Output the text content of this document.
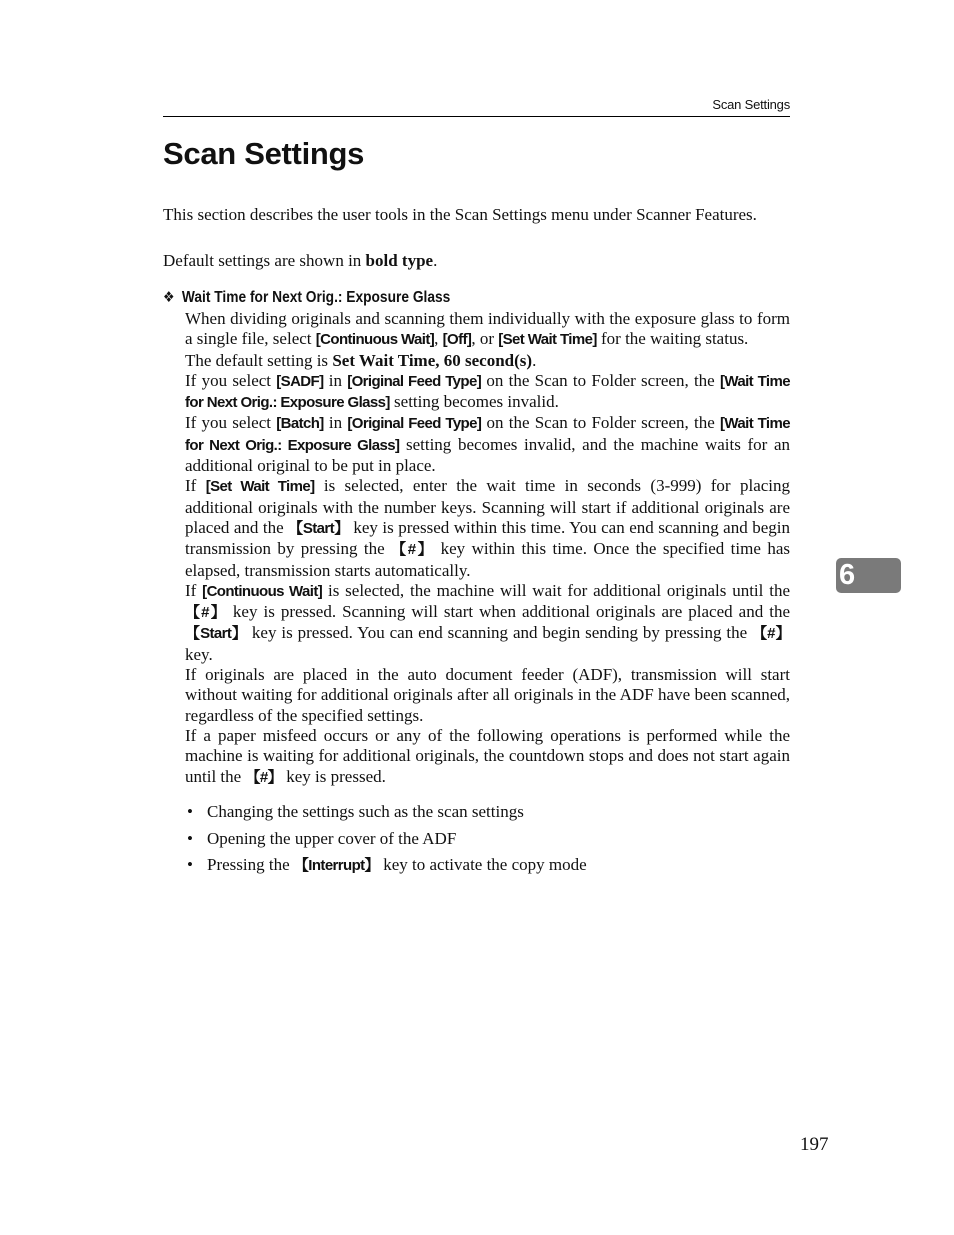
Scan Settings
Scan Settings

This section describes the user tools in the Scan Settings menu under Scanner Features.

Default settings are shown in bold type.

❖ Wait Time for Next Orig.: Exposure Glass

When dividing originals and scanning them individually with the exposure glass to form a single file, select [Continuous Wait], [Off], or [Set Wait Time] for the waiting status.

The default setting is Set Wait Time, 60 second(s).

If you select [SADF] in [Original Feed Type] on the Scan to Folder screen, the [Wait Time for Next Orig.: Exposure Glass] setting becomes invalid.

If you select [Batch] in [Original Feed Type] on the Scan to Folder screen, the [Wait Time for Next Orig.: Exposure Glass] setting becomes invalid, and the machine waits for an additional original to be put in place.

If [Set Wait Time] is selected, enter the wait time in seconds (3-999) for placing additional originals with the number keys. Scanning will start if additional originals are placed and the 【Start】 key is pressed within this time. You can end scanning and begin transmission by pressing the 【#】 key within this time. Once the specified time has elapsed, transmission starts automatically.

If [Continuous Wait] is selected, the machine will wait for additional originals until the 【#】 key is pressed. Scanning will start when additional originals are placed and the 【Start】 key is pressed. You can end scanning and begin sending by pressing the 【#】 key.

If originals are placed in the auto document feeder (ADF), transmission will start without waiting for additional originals after all originals in the ADF have been scanned, regardless of the specified settings.

If a paper misfeed occurs or any of the following operations is performed while the machine is waiting for additional originals, the countdown stops and does not start again until the 【#】 key is pressed.

• Changing the settings such as the scan settings
• Opening the upper cover of the ADF
• Pressing the 【Interrupt】 key to activate the copy mode
6
197
